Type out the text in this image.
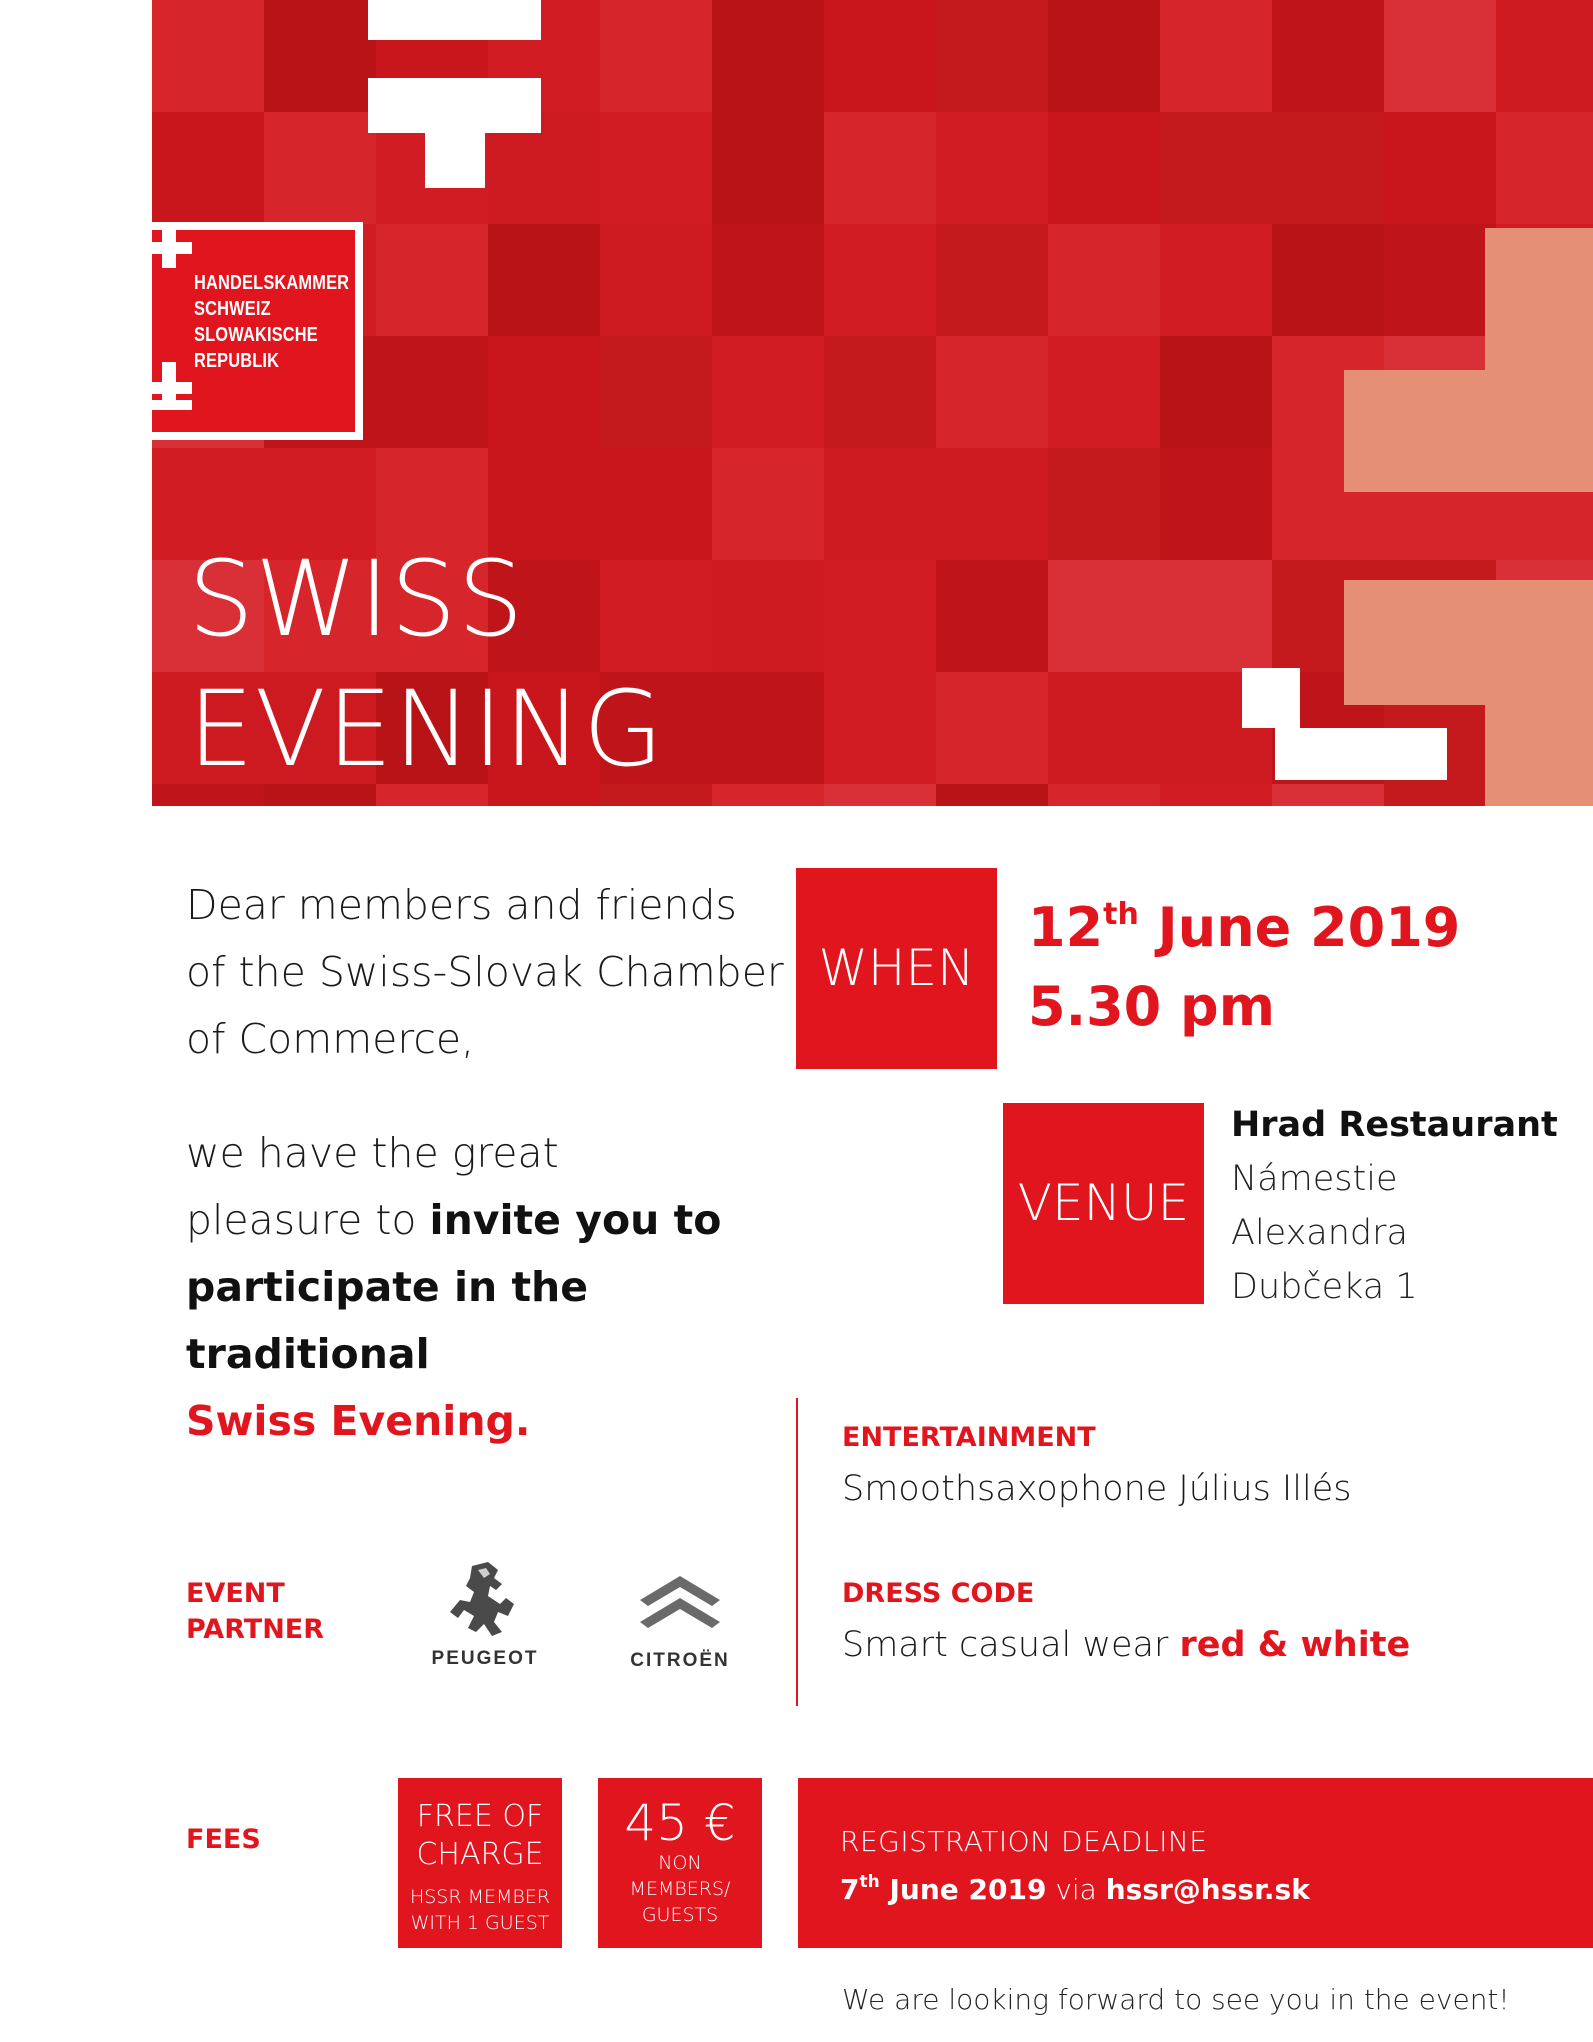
HANDELSKAMMER
SCHWEIZ
SLOWAKISCHE
REPUBLIK
SWISS
EVENING
Dear members and friends of the Swiss-Slovak Chamber of Commerce,
we have the great pleasure to invite you to participate in the traditional
Swiss Evening.
WHEN
12th June 2019
5.30 pm
VENUE
Hrad Restaurant
Námestie
Alexandra
Dubčeka 1
ENTERTAINMENT
Smoothsaxophone Július Illés
DRESS CODE
Smart casual wear red & white
EVENT
PARTNER
PEUGEOT	CITROËN
FEES
FREE OF
CHARGE
HSSR MEMBER
WITH 1 GUEST
45 €
NON
MEMBERS/
GUESTS
REGISTRATION DEADLINE
7th June 2019 via hssr@hssr.sk
We are looking forward to see you in the event!
